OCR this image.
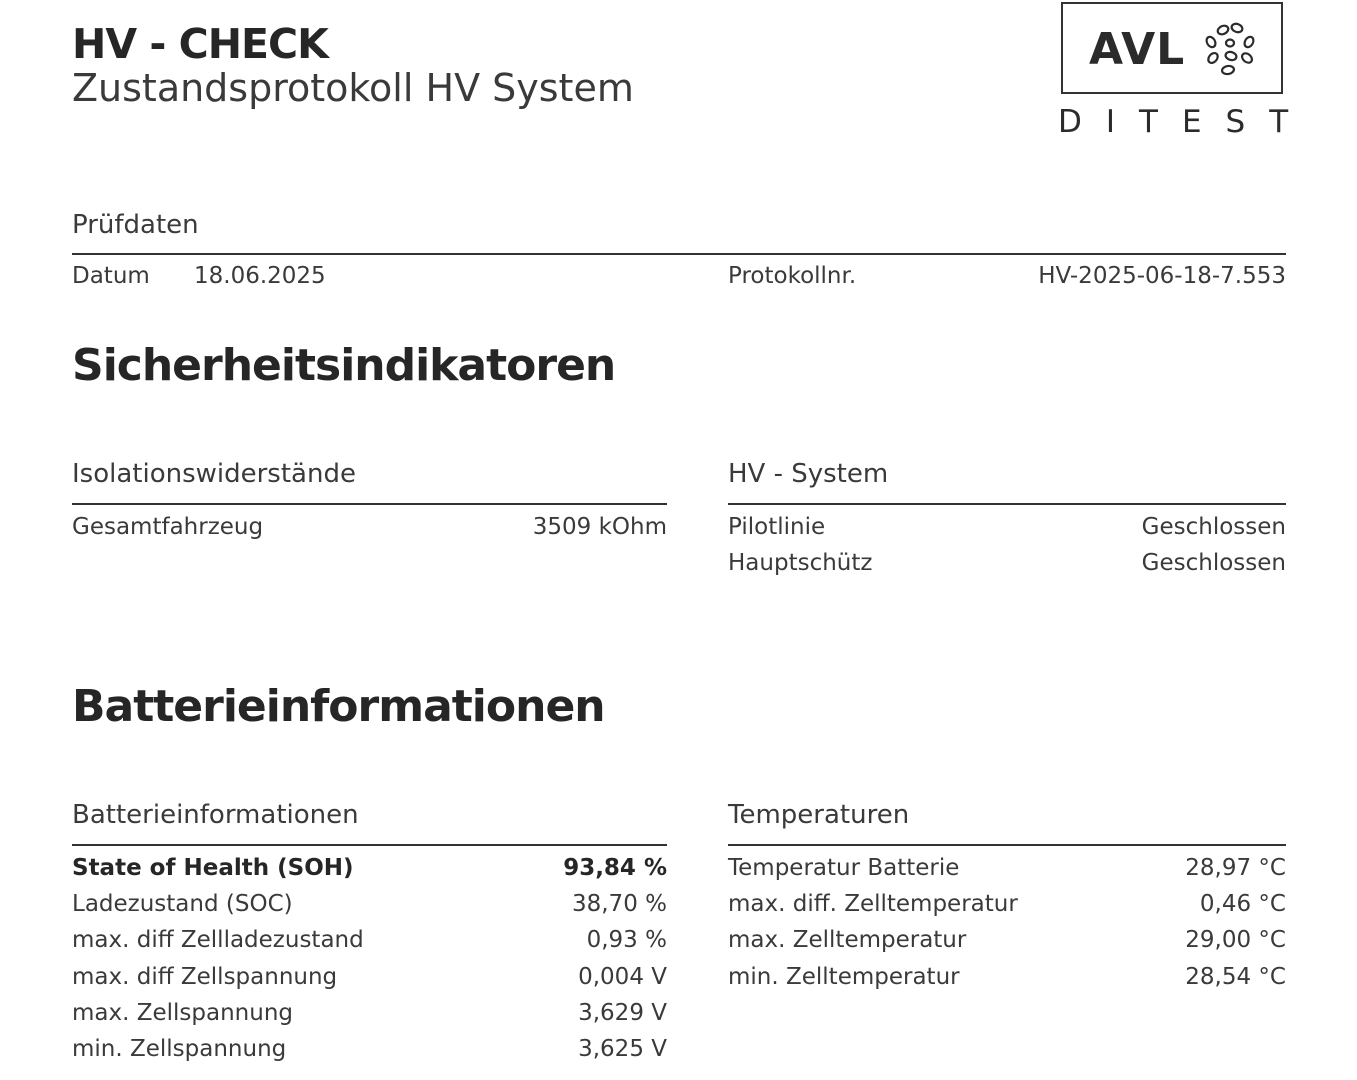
HV - CHECK
Zustandsprotokoll HV System
AVL
DITEST
Prüfdaten
Datum 18.06.2025	Protokollnr.	HV-2025-06-18-7.553
Sicherheitsindikatoren
Isolationswiderstände
Gesamtfahrzeug	3509 kOhm
HV - System
Pilotlinie	Geschlossen
Hauptschütz	Geschlossen
Batterieinformationen
Batterieinformationen
State of Health (SOH)	93,84 %
Ladezustand (SOC)	38,70 %
max. diff Zellladezustand	0,93 %
max. diff Zellspannung	0,004 V
max. Zellspannung	3,629 V
min. Zellspannung	3,625 V
Temperaturen
Temperatur Batterie	28,97 °C
max. diff. Zelltemperatur	0,46 °C
max. Zelltemperatur	29,00 °C
min. Zelltemperatur	28,54 °C
